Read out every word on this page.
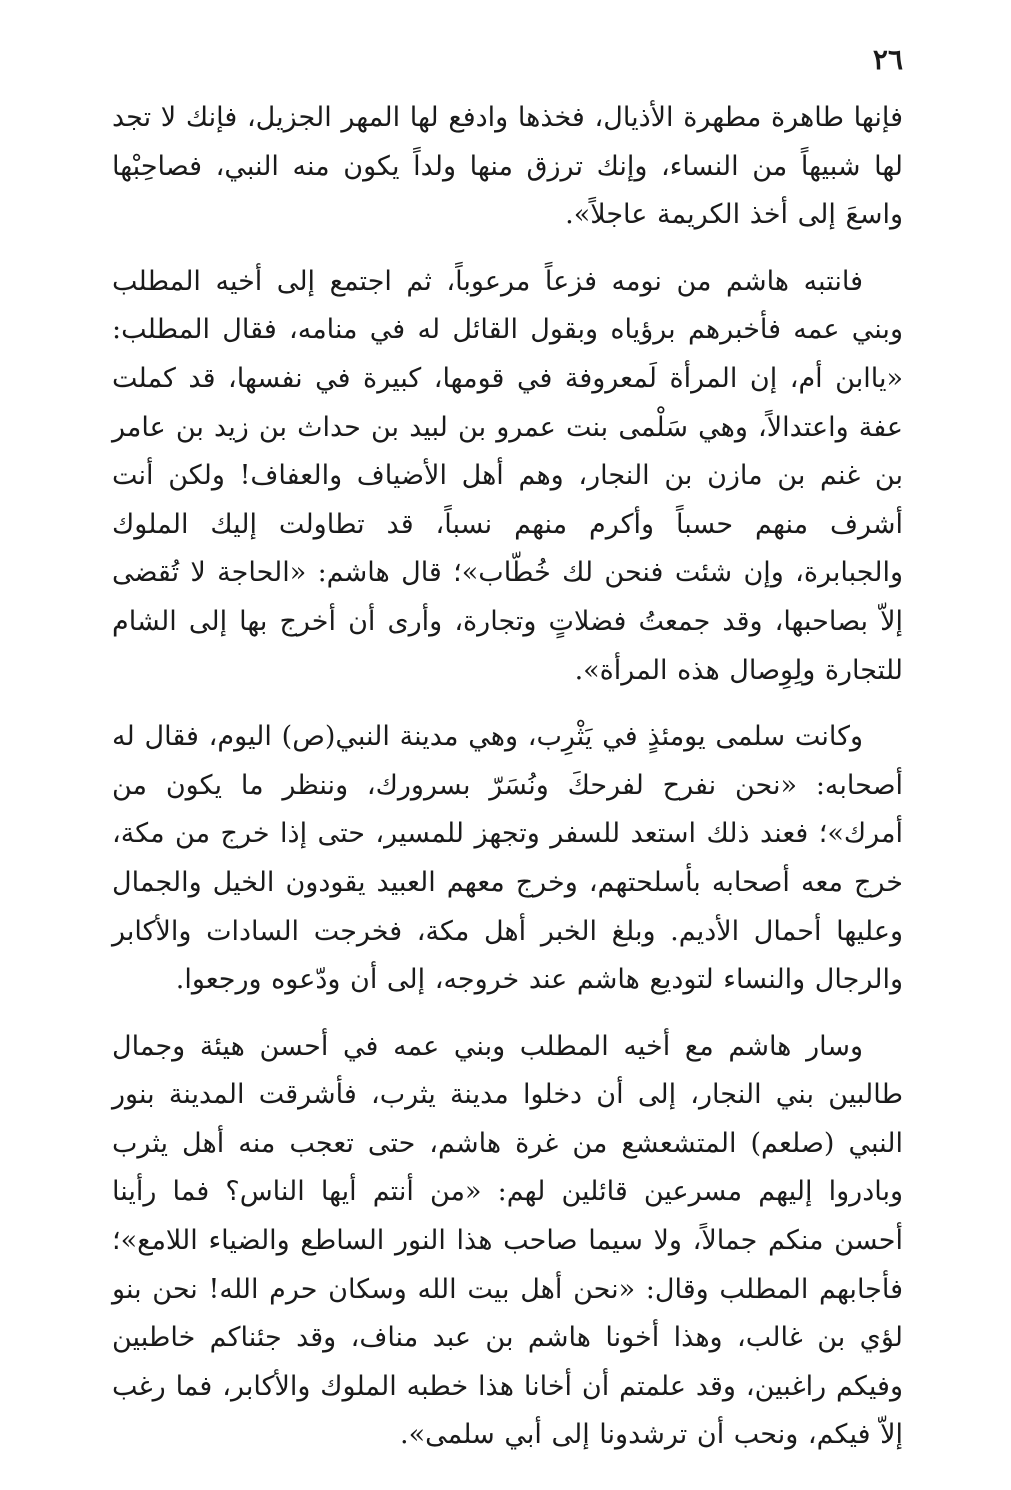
٢٦

فإنها طاهرة مطهرة الأذيال، فخذها وادفع لها المهر الجزيل، فإنك لا تجد لها شبيهاً من النساء، وإنك ترزق منها ولداً يكون منه النبي، فصاحِبْها واسعَ إلى أخذ الكريمة عاجلاً».

فانتبه هاشم من نومه فزعاً مرعوباً، ثم اجتمع إلى أخيه المطلب وبني عمه فأخبرهم برؤياه وبقول القائل له في منامه، فقال المطلب: «ياابن أم، إن المرأة لَمعروفة في قومها، كبيرة في نفسها، قد كملت عفة واعتدالاً، وهي سَلْمى بنت عمرو بن لبيد بن حداث بن زيد بن عامر بن غنم بن مازن بن النجار، وهم أهل الأضياف والعفاف! ولكن أنت أشرف منهم حسباً وأكرم منهم نسباً، قد تطاولت إليك الملوك والجبابرة، وإن شئت فنحن لك خُطّاب»؛ قال هاشم: «الحاجة لا تُقضى إلاّ بصاحبها، وقد جمعتُ فضلاتٍ وتجارة، وأرى أن أخرج بها إلى الشام للتجارة ولِوِصال هذه المرأة».

وكانت سلمى يومئذٍ في يَثْرِب، وهي مدينة النبي(ص) اليوم، فقال له أصحابه: «نحن نفرح لفرحكَ ونُسَرّ بسرورك، وننظر ما يكون من أمرك»؛ فعند ذلك استعد للسفر وتجهز للمسير، حتى إذا خرج من مكة، خرج معه أصحابه بأسلحتهم، وخرج معهم العبيد يقودون الخيل والجمال وعليها أحمال الأديم. وبلغ الخبر أهل مكة، فخرجت السادات والأكابر والرجال والنساء لتوديع هاشم عند خروجه، إلى أن ودّعوه ورجعوا.

وسار هاشم مع أخيه المطلب وبني عمه في أحسن هيئة وجمال طالبين بني النجار، إلى أن دخلوا مدينة يثرب، فأشرقت المدينة بنور النبي (صلعم) المتشعشع من غرة هاشم، حتى تعجب منه أهل يثرب وبادروا إليهم مسرعين قائلين لهم: «من أنتم أيها الناس؟ فما رأينا أحسن منكم جمالاً، ولا سيما صاحب هذا النور الساطع والضياء اللامع»؛ فأجابهم المطلب وقال: «نحن أهل بيت الله وسكان حرم الله! نحن بنو لؤي بن غالب، وهذا أخونا هاشم بن عبد مناف، وقد جئناكم خاطبين وفيكم راغبين، وقد علمتم أن أخانا هذا خطبه الملوك والأكابر، فما رغب إلاّ فيكم، ونحب أن ترشدونا إلى أبي سلمى».
